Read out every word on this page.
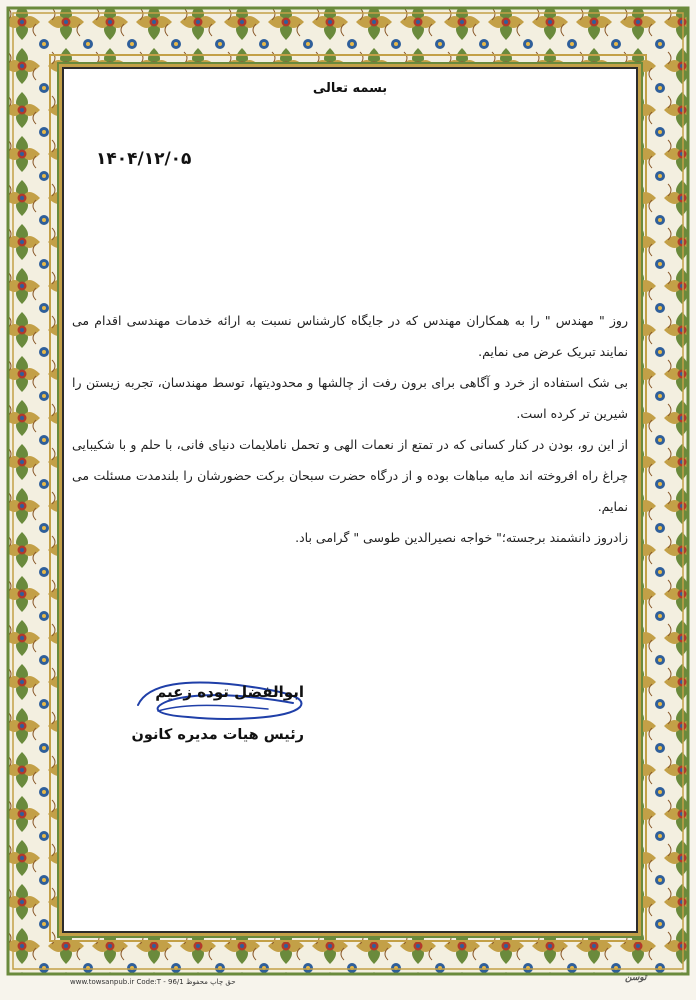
بسمه تعالی
۱۴۰۴/۱۲/۰۵

روز " مهندس " را به همکاران مهندس که در جایگاه کارشناس نسبت به ارائه خدمات مهندسی اقدام می نمایند تبریک عرض می نمایم.

بی شک استفاده از خرد و آگاهی برای برون رفت از چالشها و محدودیتها، توسط مهندسان، تجربه زیستن را شیرین تر کرده است.

از این رو، بودن در کنار کسانی که در تمتع از نعمات الهی و تحمل ناملایمات دنیای فانی، با حلم و با شکیبایی چراغ راه افروخته اند مایه مباهات بوده و از درگاه حضرت سبحان برکت حضورشان را بلندمدت مسئلت می نمایم.

زادروز دانشمند برجسته؛" خواجه نصیرالدین طوسی " گرامی باد.

ابوالفضل توده زعیم
رئیس هیات مدیره کانون
www.towsanpub.ir Code:T - 96/1 حق چاپ محفوظ	توسن
